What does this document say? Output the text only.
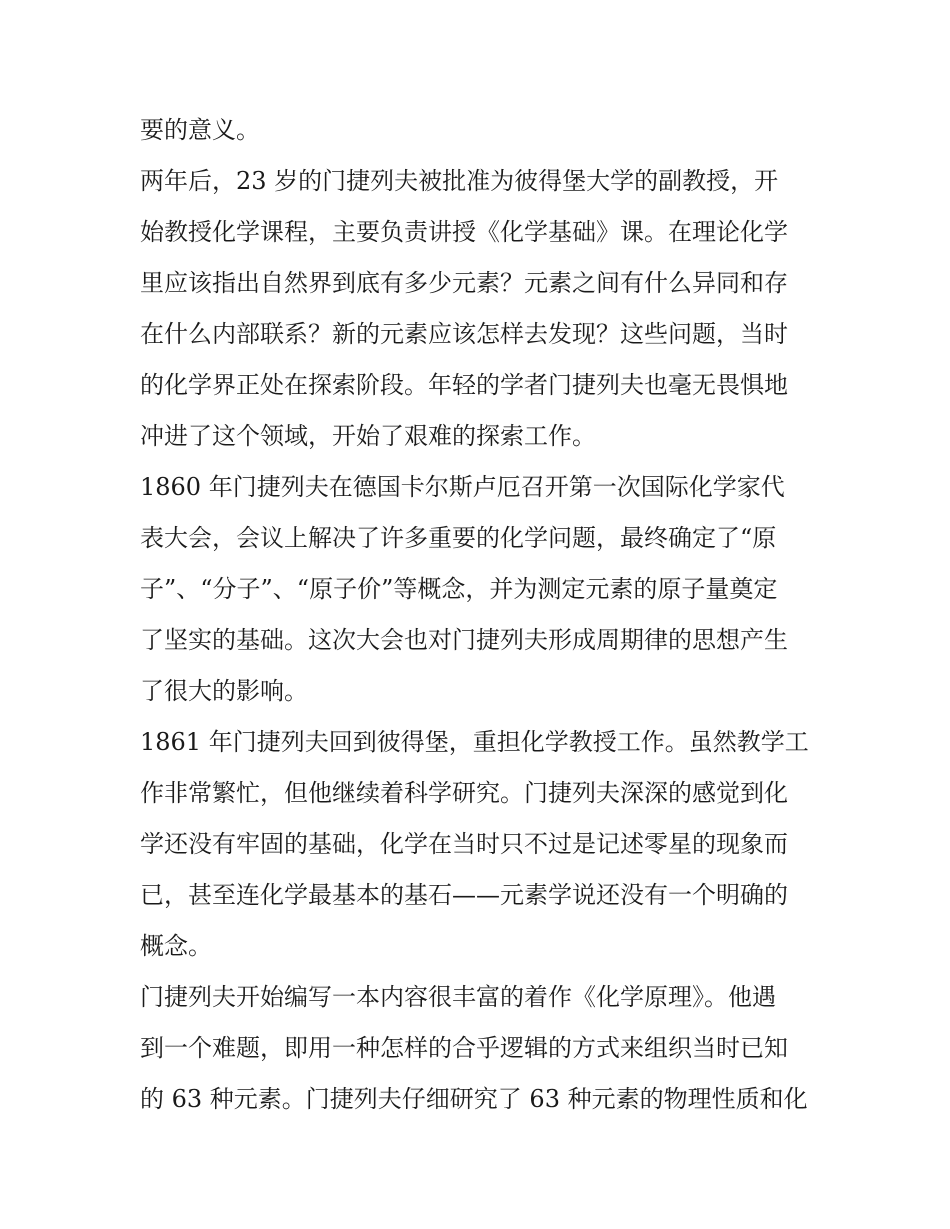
要的意义。
两年后，23 岁的门捷列夫被批准为彼得堡大学的副教授，开
始教授化学课程，主要负责讲授《化学基础》课。在理论化学
里应该指出自然界到底有多少元素？元素之间有什么异同和存
在什么内部联系？新的元素应该怎样去发现？这些问题，当时
的化学界正处在探索阶段。年轻的学者门捷列夫也毫无畏惧地
冲进了这个领域，开始了艰难的探索工作。
1860 年门捷列夫在德国卡尔斯卢厄召开第一次国际化学家代
表大会，会议上解决了许多重要的化学问题，最终确定了“原
子”、“分子”、“原子价”等概念，并为测定元素的原子量奠定
了坚实的基础。这次大会也对门捷列夫形成周期律的思想产生
了很大的影响。
1861 年门捷列夫回到彼得堡，重担化学教授工作。虽然教学工
作非常繁忙，但他继续着科学研究。门捷列夫深深的感觉到化
学还没有牢固的基础，化学在当时只不过是记述零星的现象而
已，甚至连化学最基本的基石——元素学说还没有一个明确的
概念。
门捷列夫开始编写一本内容很丰富的着作《化学原理》。他遇
到一个难题，即用一种怎样的合乎逻辑的方式来组织当时已知
的 63 种元素。门捷列夫仔细研究了 63 种元素的物理性质和化
